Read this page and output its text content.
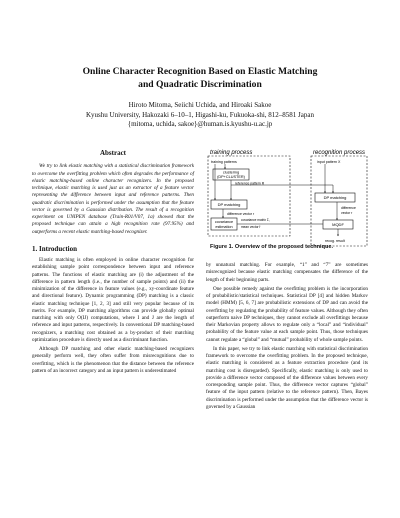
Online Character Recognition Based on Elastic Matching
and Quadratic Discrimination
Hiroto Mitoma, Seiichi Uchida, and Hiroaki Sakoe
Kyushu University, Hakozaki 6–10–1, Higashi-ku, Fukuoka-shi, 812–8581 Japan
{mitoma, uchida, sakoe}@human.is.kyushu-u.ac.jp
Abstract

We try to link elastic matching with a statistical discrimination framework to overcome the overfitting problem which often degrades the performance of elastic matching-based online character recognizers. In the proposed technique, elastic matching is used just as an extractor of a feature vector representing the difference between input and reference patterns. Then quadratic discrimination is performed under the assumption that the feature vector is governed by a Gaussian distribution. The result of a recognition experiment on UNIPEN database (Train-R01/V07, 1a) showed that the proposed technique can attain a high recognition rate (97.95%) and outperforms a recent elastic matching-based recognizer.

1. Introduction

Elastic matching is often employed in online character recognition for establishing sample point correspondence between input and reference patterns. The functions of elastic matching are (i) the adjustment of the difference in pattern length (i.e., the number of sample points) and (ii) the minimization of the difference in feature values (e.g., xy-coordinate feature and directional feature). Dynamic programming (DP) matching is a classic elastic matching technique [1, 2, 3] and still very popular because of its merits. For example, DP matching algorithms can provide globally optimal matching with only O(IJ) computations, where I and J are the length of reference and input patterns, respectively. In conventional DP matching-based recognizers, a matching cost obtained as a by-product of their matching optimization procedure is directly used as a discriminant function.

Although DP matching and other elastic matching-based recognizers generally perform well, they often suffer from misrecognitions due to overfitting, which is the phenomenon that the distance between the reference pattern of an incorrect category and an input pattern is underestimated

training process	recognition process
training patterns
clustering
(DP+CLUSTER)
reference pattern R
DP matching
difference vector r
covariance
estimation
covariance matrix Σ,
mean vector r̄
input pattern X
DP matching
difference
vector r
MQDF
recog. result
Figure 1. Overview of the proposed technique.

by unnatural matching. For example, “1” and “7” are sometimes misrecognized because elastic matching compensates the difference of the length of their beginning parts.

One possible remedy against the overfitting problem is the incorporation of probabilistic/statistical techniques. Statistical DP [4] and hidden Markov model (HMM) [5, 6, 7] are probabilistic extensions of DP and can avoid the overfitting by regulating the probability of feature values. Although they often outperform naive DP techniques, they cannot exclude all overfittings because their Markovian property allows to regulate only a “local” and “individual” probability of the feature value at each sample point. Thus, those techniques cannot regulate a “global” and “mutual” probability of whole sample points.

In this paper, we try to link elastic matching with statistical discrimination framework to overcome the overfitting problem. In the proposed technique, elastic matching is considered as a feature extraction procedure (and its matching cost is disregarded). Specifically, elastic matching is only used to provide a difference vector composed of the difference values between every corresponding sample point. Thus, the difference vector captures “global” feature of the input pattern (relative to the reference pattern). Then, Bayes discrimination is performed under the assumption that the difference vector is governed by a Gaussian
